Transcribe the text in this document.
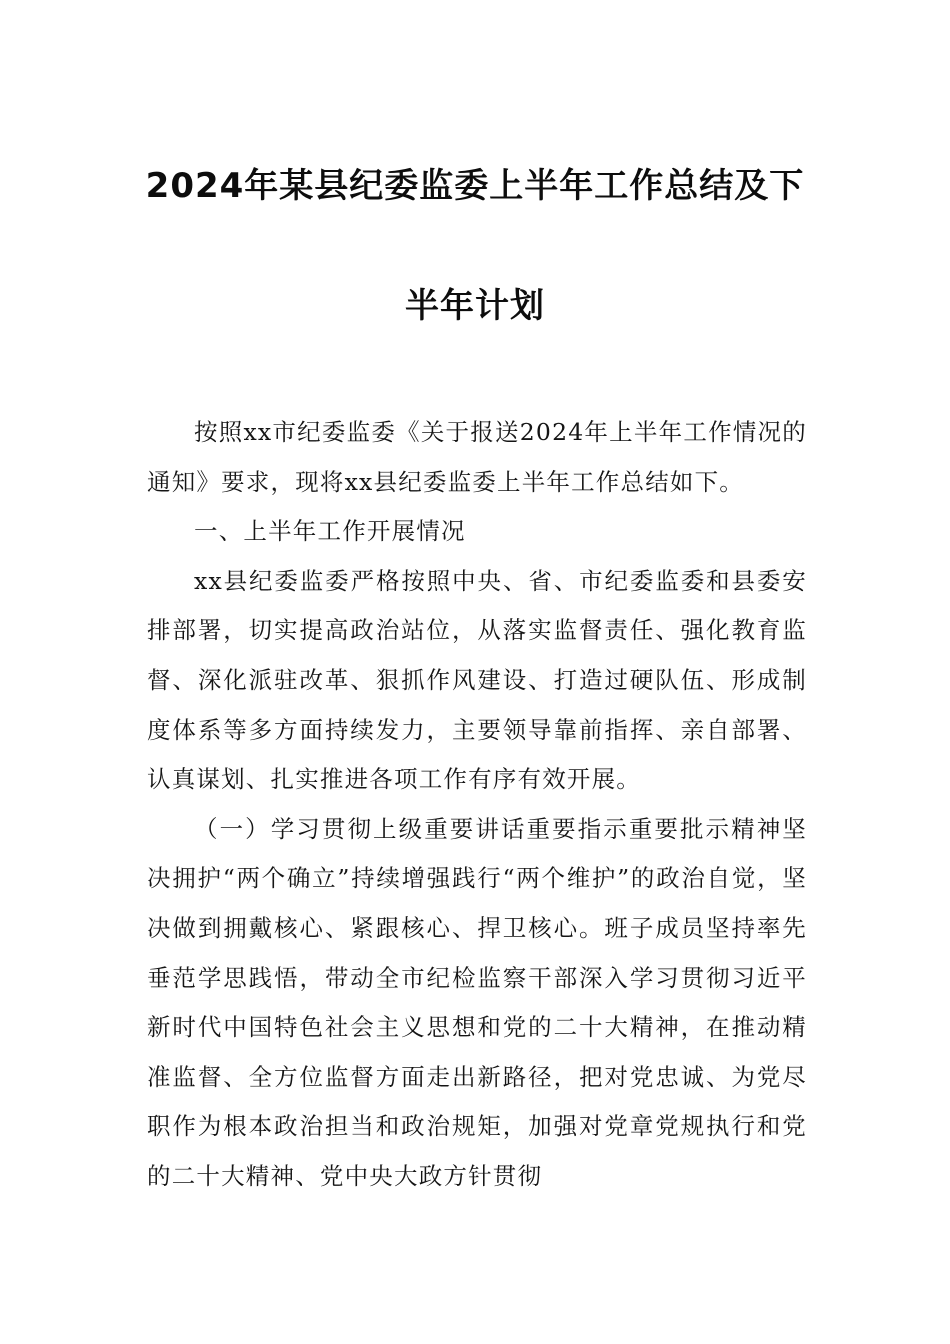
2024年某县纪委监委上半年工作总结及下
半年计划

按照xx市纪委监委《关于报送2024年上半年工作情况的通知》要求，现将xx县纪委监委上半年工作总结如下。

一、上半年工作开展情况

xx县纪委监委严格按照中央、省、市纪委监委和县委安排部署，切实提高政治站位，从落实监督责任、强化教育监督、深化派驻改革、狠抓作风建设、打造过硬队伍、形成制度体系等多方面持续发力，主要领导靠前指挥、亲自部署、认真谋划、扎实推进各项工作有序有效开展。

（一）学习贯彻上级重要讲话重要指示重要批示精神坚决拥护“两个确立”持续增强践行“两个维护”的政治自觉，坚决做到拥戴核心、紧跟核心、捍卫核心。班子成员坚持率先垂范学思践悟，带动全市纪检监察干部深入学习贯彻习近平新时代中国特色社会主义思想和党的二十大精神，在推动精准监督、全方位监督方面走出新路径，把对党忠诚、为党尽职作为根本政治担当和政治规矩，加强对党章党规执行和党的二十大精神、党中央大政方针贯彻
